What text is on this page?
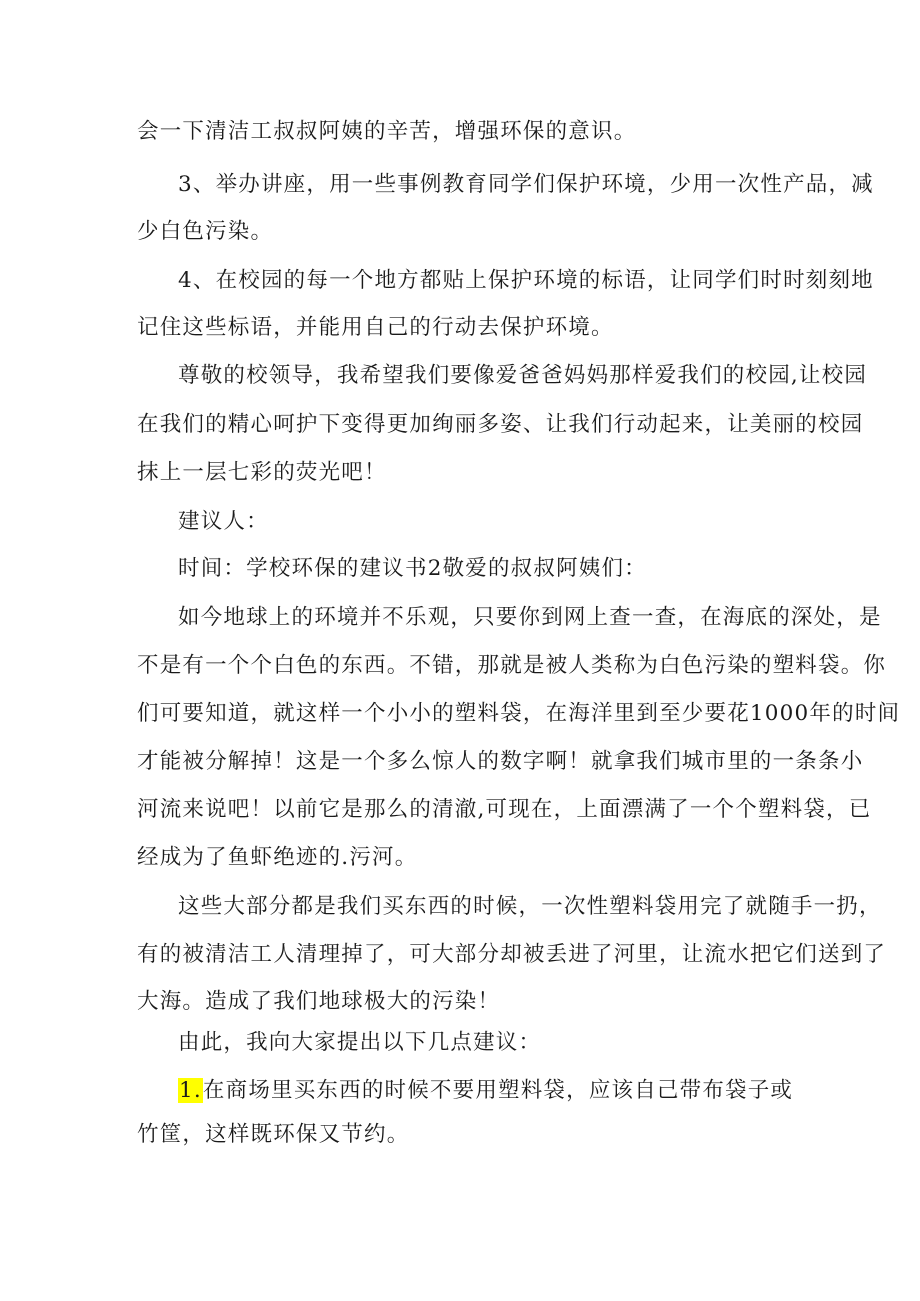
会一下清洁工叔叔阿姨的辛苦，增强环保的意识。
3、举办讲座，用一些事例教育同学们保护环境，少用一次性产品，减
少白色污染。
4、在校园的每一个地方都贴上保护环境的标语，让同学们时时刻刻地
记住这些标语，并能用自己的行动去保护环境。
尊敬的校领导，我希望我们要像爱爸爸妈妈那样爱我们的校园,让校园
在我们的精心呵护下变得更加绚丽多姿、让我们行动起来，让美丽的校园
抹上一层七彩的荧光吧！
建议人：
时间：学校环保的建议书2敬爱的叔叔阿姨们：
如今地球上的环境并不乐观，只要你到网上查一查，在海底的深处，是
不是有一个个白色的东西。不错，那就是被人类称为白色污染的塑料袋。你
们可要知道，就这样一个小小的塑料袋，在海洋里到至少要花1000年的时间
才能被分解掉！这是一个多么惊人的数字啊！就拿我们城市里的一条条小
河流来说吧！以前它是那么的清澈,可现在，上面漂满了一个个塑料袋，已
经成为了鱼虾绝迹的.污河。
这些大部分都是我们买东西的时候，一次性塑料袋用完了就随手一扔，
有的被清洁工人清理掉了，可大部分却被丢进了河里，让流水把它们送到了
大海。造成了我们地球极大的污染！
由此，我向大家提出以下几点建议：
1.在商场里买东西的时候不要用塑料袋，应该自己带布袋子或
竹筐，这样既环保又节约。
